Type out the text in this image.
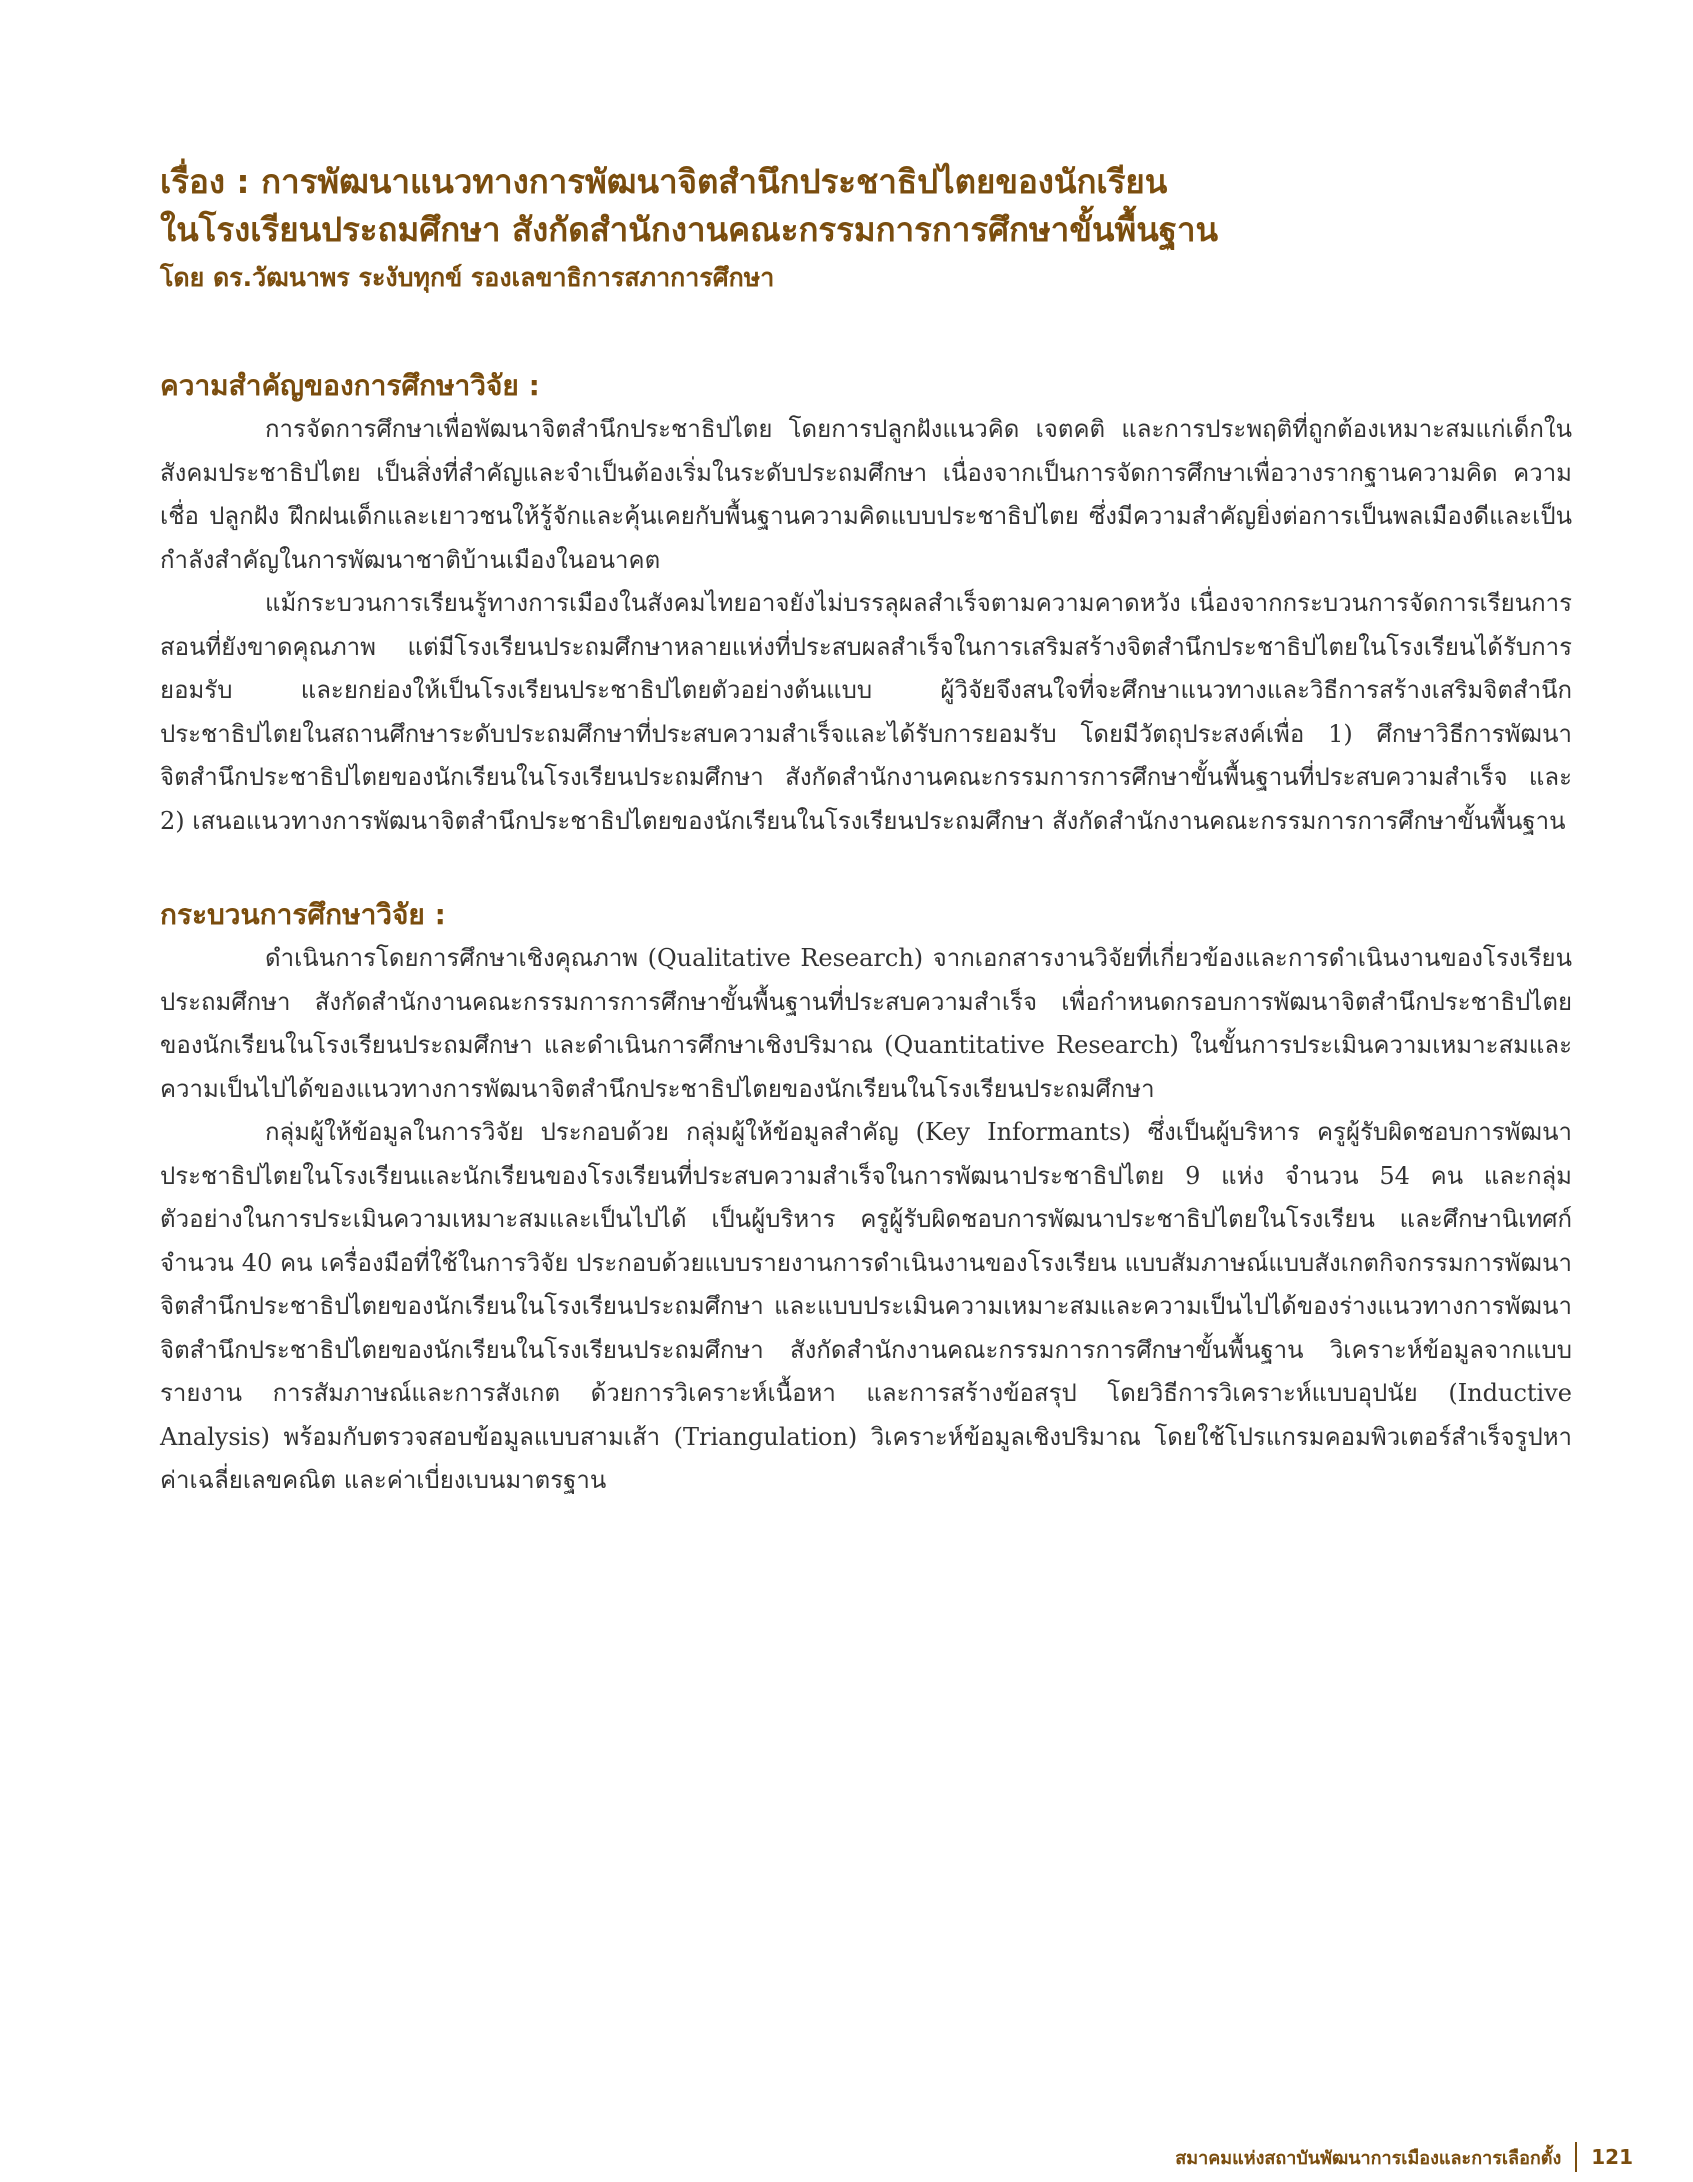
เรื่อง : การพัฒนาแนวทางการพัฒนาจิตสำนึกประชาธิปไตยของนักเรียน
ในโรงเรียนประถมศึกษา สังกัดสำนักงานคณะกรรมการการศึกษาขั้นพื้นฐาน
โดย ดร.วัฒนาพร ระงับทุกข์ รองเลขาธิการสภาการศึกษา
ความสำคัญของการศึกษาวิจัย :

การจัดการศึกษาเพื่อพัฒนาจิตสำนึกประชาธิปไตย โดยการปลูกฝังแนวคิด เจตคติ และการประพฤติที่ถูกต้องเหมาะสมแก่เด็กในสังคมประชาธิปไตย เป็นสิ่งที่สำคัญและจำเป็นต้องเริ่มในระดับประถมศึกษา เนื่องจากเป็นการจัดการศึกษาเพื่อวางรากฐานความคิด ความเชื่อ ปลูกฝัง ฝึกฝนเด็กและเยาวชนให้รู้จักและคุ้นเคยกับพื้นฐานความคิดแบบประชาธิปไตย ซึ่งมีความสำคัญยิ่งต่อการเป็นพลเมืองดีและเป็นกำลังสำคัญในการพัฒนาชาติบ้านเมืองในอนาคต

แม้กระบวนการเรียนรู้ทางการเมืองในสังคมไทยอาจยังไม่บรรลุผลสำเร็จตามความคาดหวัง เนื่องจากกระบวนการจัดการเรียนการสอนที่ยังขาดคุณภาพ แต่มีโรงเรียนประถมศึกษาหลายแห่งที่ประสบผลสำเร็จในการเสริมสร้างจิตสำนึกประชาธิปไตยในโรงเรียนได้รับการยอมรับ และยกย่องให้เป็นโรงเรียนประชาธิปไตยตัวอย่างต้นแบบ ผู้วิจัยจึงสนใจที่จะศึกษาแนวทางและวิธีการสร้างเสริมจิตสำนึกประชาธิปไตยในสถานศึกษาระดับประถมศึกษาที่ประสบความสำเร็จและได้รับการยอมรับ โดยมีวัตถุประสงค์เพื่อ 1) ศึกษาวิธีการพัฒนาจิตสำนึกประชาธิปไตยของนักเรียนในโรงเรียนประถมศึกษา สังกัดสำนักงานคณะกรรมการการศึกษาขั้นพื้นฐานที่ประสบความสำเร็จ และ 2) เสนอแนวทางการพัฒนาจิตสำนึกประชาธิปไตยของนักเรียนในโรงเรียนประถมศึกษา สังกัดสำนักงานคณะกรรมการการศึกษาขั้นพื้นฐาน

กระบวนการศึกษาวิจัย :

ดำเนินการโดยการศึกษาเชิงคุณภาพ (Qualitative Research) จากเอกสารงานวิจัยที่เกี่ยวข้องและการดำเนินงานของโรงเรียนประถมศึกษา สังกัดสำนักงานคณะกรรมการการศึกษาขั้นพื้นฐานที่ประสบความสำเร็จ เพื่อกำหนดกรอบการพัฒนาจิตสำนึกประชาธิปไตยของนักเรียนในโรงเรียนประถมศึกษา และดำเนินการศึกษาเชิงปริมาณ (Quantitative Research) ในขั้นการประเมินความเหมาะสมและความเป็นไปได้ของแนวทางการพัฒนาจิตสำนึกประชาธิปไตยของนักเรียนในโรงเรียนประถมศึกษา

กลุ่มผู้ให้ข้อมูลในการวิจัย ประกอบด้วย กลุ่มผู้ให้ข้อมูลสำคัญ (Key Informants) ซึ่งเป็นผู้บริหาร ครูผู้รับผิดชอบการพัฒนาประชาธิปไตยในโรงเรียนและนักเรียนของโรงเรียนที่ประสบความสำเร็จในการพัฒนาประชาธิปไตย 9 แห่ง จำนวน 54 คน และกลุ่มตัวอย่างในการประเมินความเหมาะสมและเป็นไปได้ เป็นผู้บริหาร ครูผู้รับผิดชอบการพัฒนาประชาธิปไตยในโรงเรียน และศึกษานิเทศก์ จำนวน 40 คน เครื่องมือที่ใช้ในการวิจัย ประกอบด้วยแบบรายงานการดำเนินงานของโรงเรียน แบบสัมภาษณ์แบบสังเกตกิจกรรมการพัฒนาจิตสำนึกประชาธิปไตยของนักเรียนในโรงเรียนประถมศึกษา และแบบประเมินความเหมาะสมและความเป็นไปได้ของร่างแนวทางการพัฒนาจิตสำนึกประชาธิปไตยของนักเรียนในโรงเรียนประถมศึกษา สังกัดสำนักงานคณะกรรมการการศึกษาขั้นพื้นฐาน วิเคราะห์ข้อมูลจากแบบรายงาน การสัมภาษณ์และการสังเกต ด้วยการวิเคราะห์เนื้อหา และการสร้างข้อสรุป โดยวิธีการวิเคราะห์แบบอุปนัย (Inductive Analysis) พร้อมกับตรวจสอบข้อมูลแบบสามเส้า (Triangulation) วิเคราะห์ข้อมูลเชิงปริมาณ โดยใช้โปรแกรมคอมพิวเตอร์สำเร็จรูปหาค่าเฉลี่ยเลขคณิต และค่าเบี่ยงเบนมาตรฐาน

สมาคมแห่งสถาบันพัฒนาการเมืองและการเลือกตั้ง 121
